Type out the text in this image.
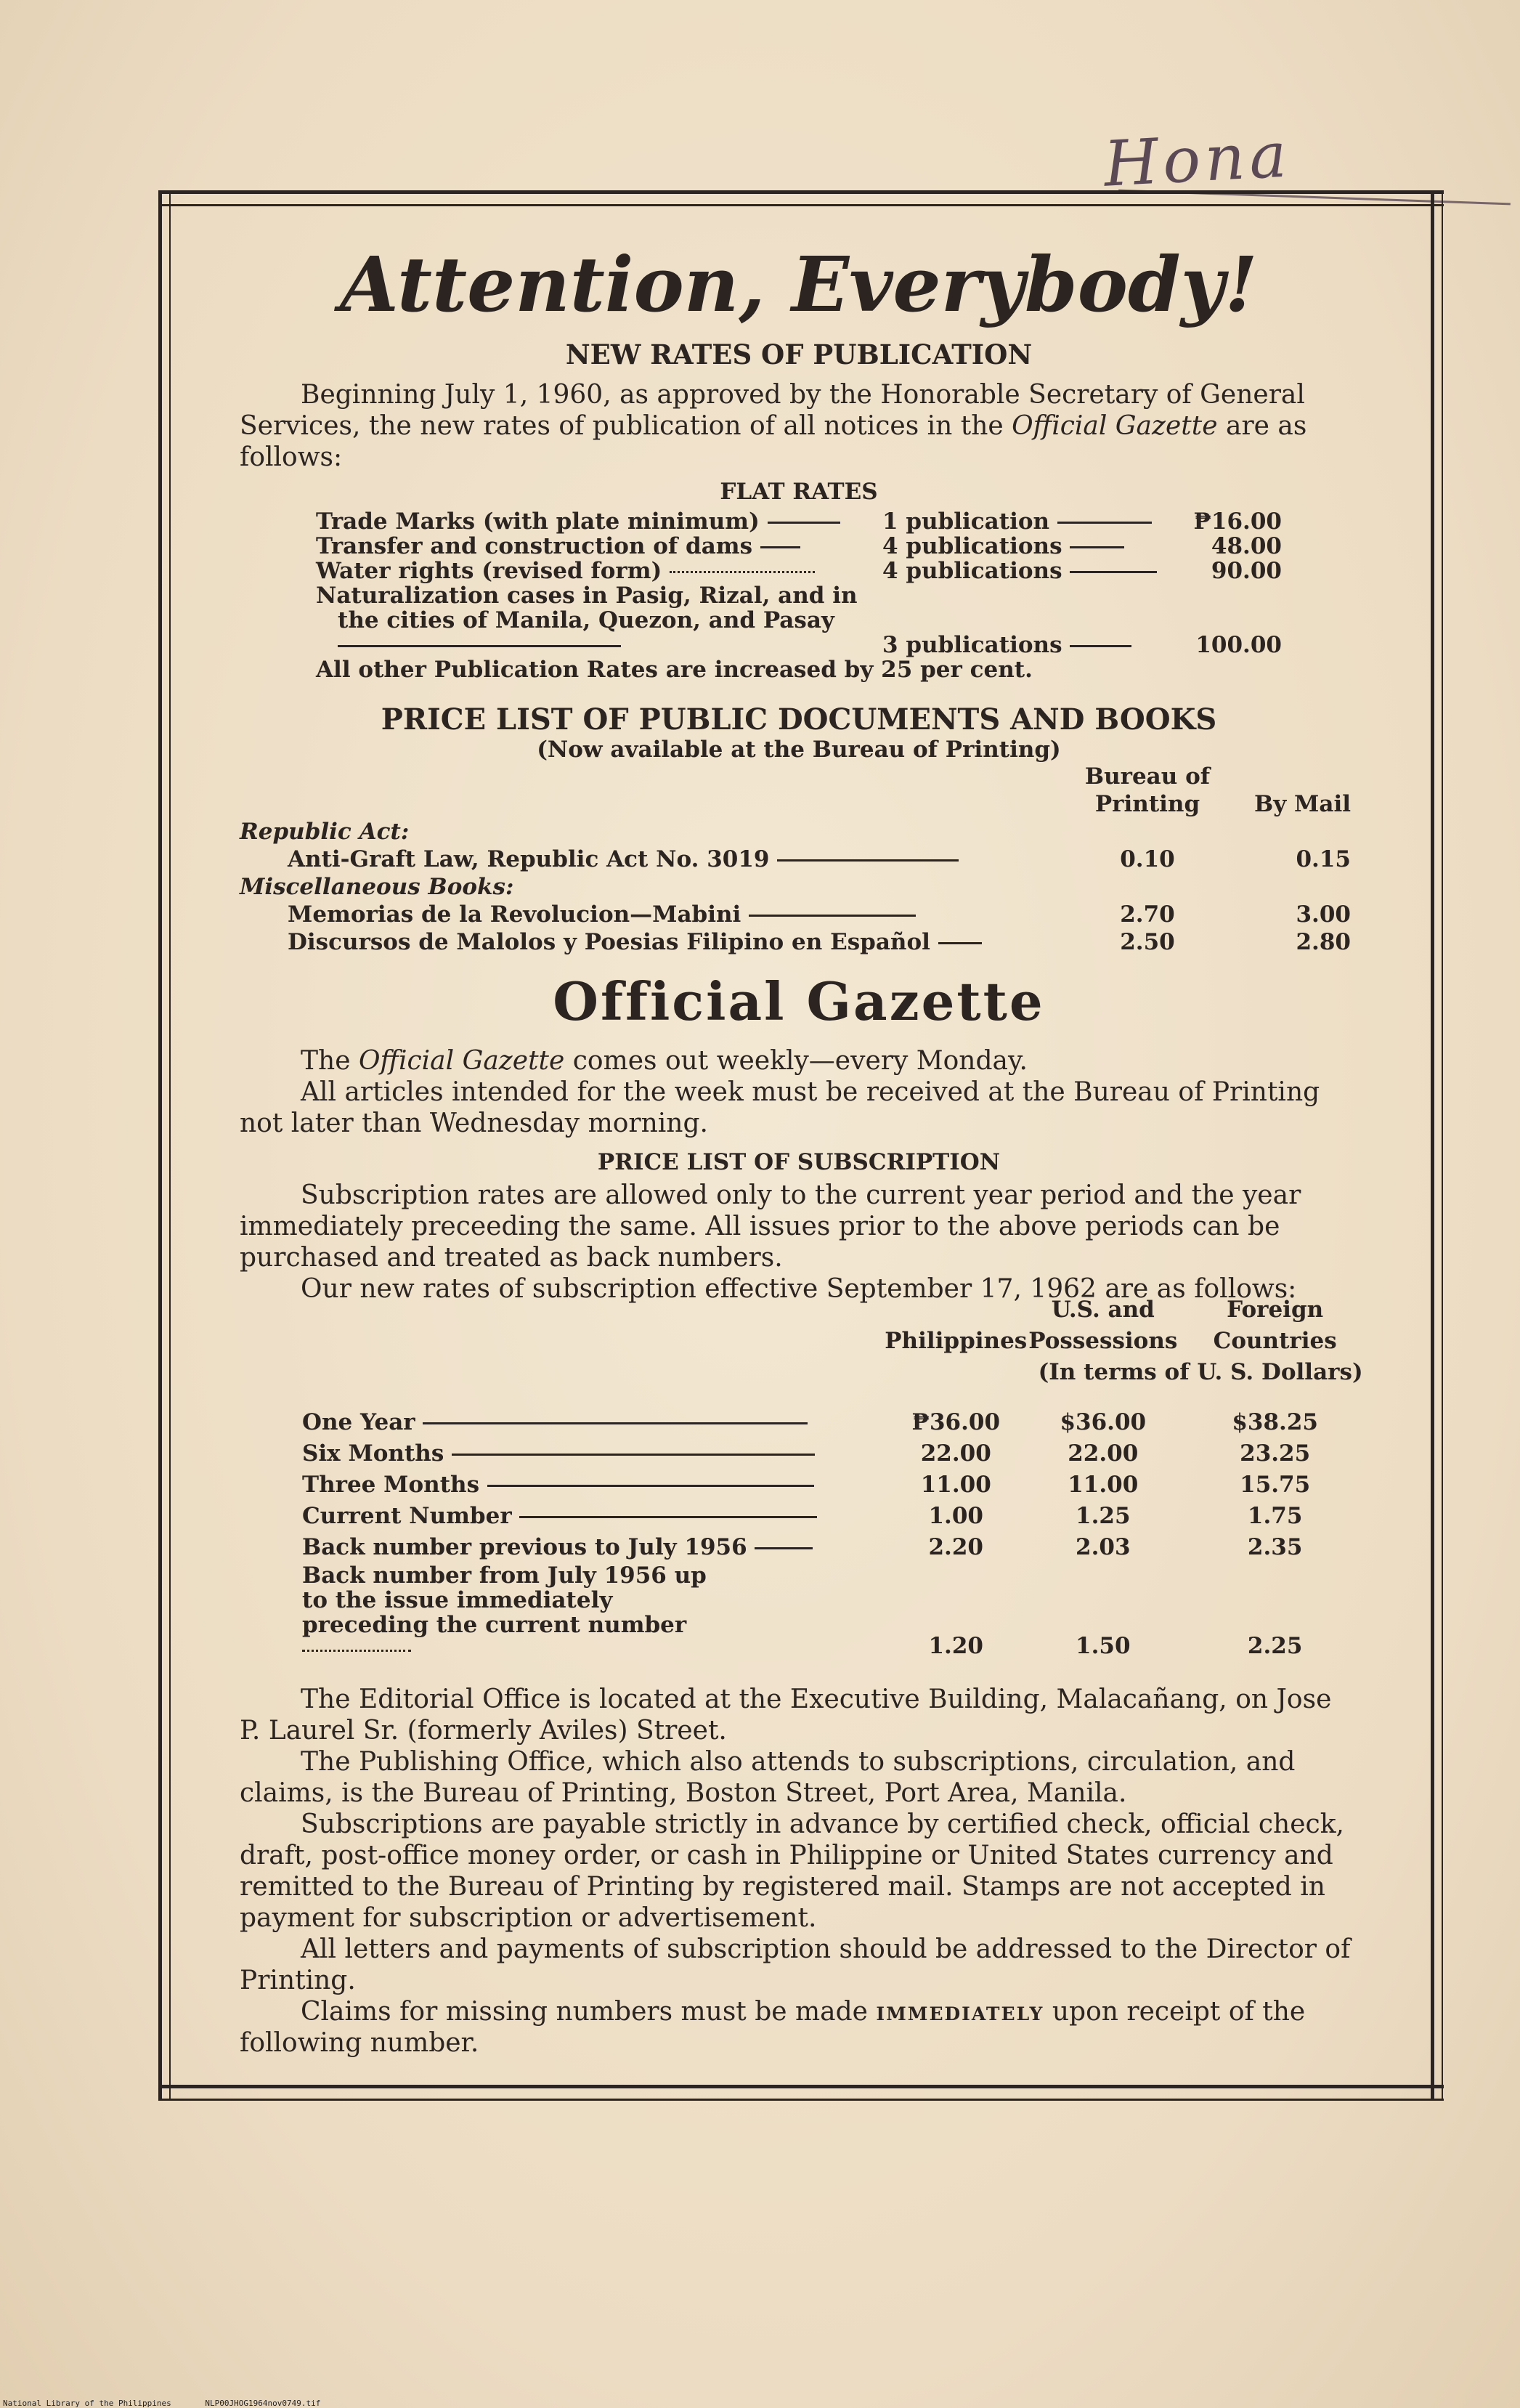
Hona
Attention, Everybody!
NEW RATES OF PUBLICATION

Beginning July 1, 1960, as approved by the Honorable Secretary of General Services, the new rates of publication of all notices in the Official Gazette are as follows:

FLAT RATES
Trade Marks (with plate minimum)	1 publication	₱16.00
Transfer and construction of dams	4 publications	48.00
Water rights (revised form)	4 publications	90.00
Naturalization cases in Pasig, Rizal, and in the cities of Manila, Quezon, and Pasay	3 publications	100.00
All other Publication Rates are increased by 25 per cent.		
PRICE LIST OF PUBLIC DOCUMENTS AND BOOKS
(Now available at the Bureau of Printing)
	Bureau of Printing	By Mail
Republic Act:		
Anti-Graft Law, Republic Act No. 3019	0.10	0.15
Miscellaneous Books:		
Memorias de la Revolucion—Mabini	2.70	3.00
Discursos de Malolos y Poesias Filipino en Español	2.50	2.80
Official Gazette

The Official Gazette comes out weekly—every Monday.

All articles intended for the week must be received at the Bureau of Printing not later than Wednesday morning.

PRICE LIST OF SUBSCRIPTION

Subscription rates are allowed only to the current year period and the year immediately preceeding the same. All issues prior to the above periods can be purchased and treated as back numbers.

Our new rates of subscription effective September 17, 1962 are as follows:

	Philippines	U.S. and Possessions	Foreign Countries
		(In terms of U. S. Dollars)	
One Year	₱36.00	$36.00	$38.25
Six Months	22.00	22.00	23.25
Three Months	11.00	11.00	15.75
Current Number	1.00	1.25	1.75
Back number previous to July 1956	2.20	2.03	2.35
Back number from July 1956 up to the issue immediately preceding the current number	1.20	1.50	2.25

The Editorial Office is located at the Executive Building, Malacañang, on Jose P. Laurel Sr. (formerly Aviles) Street.

The Publishing Office, which also attends to subscriptions, circulation, and claims, is the Bureau of Printing, Boston Street, Port Area, Manila.

Subscriptions are payable strictly in advance by certified check, official check, draft, post-office money order, or cash in Philippine or United States currency and remitted to the Bureau of Printing by registered mail. Stamps are not accepted in payment for subscription or advertisement.

All letters and payments of subscription should be addressed to the Director of Printing.

Claims for missing numbers must be made immediately upon receipt of the following number.

National Library of the Philippines	NLP00JHOG1964nov0749.tif
